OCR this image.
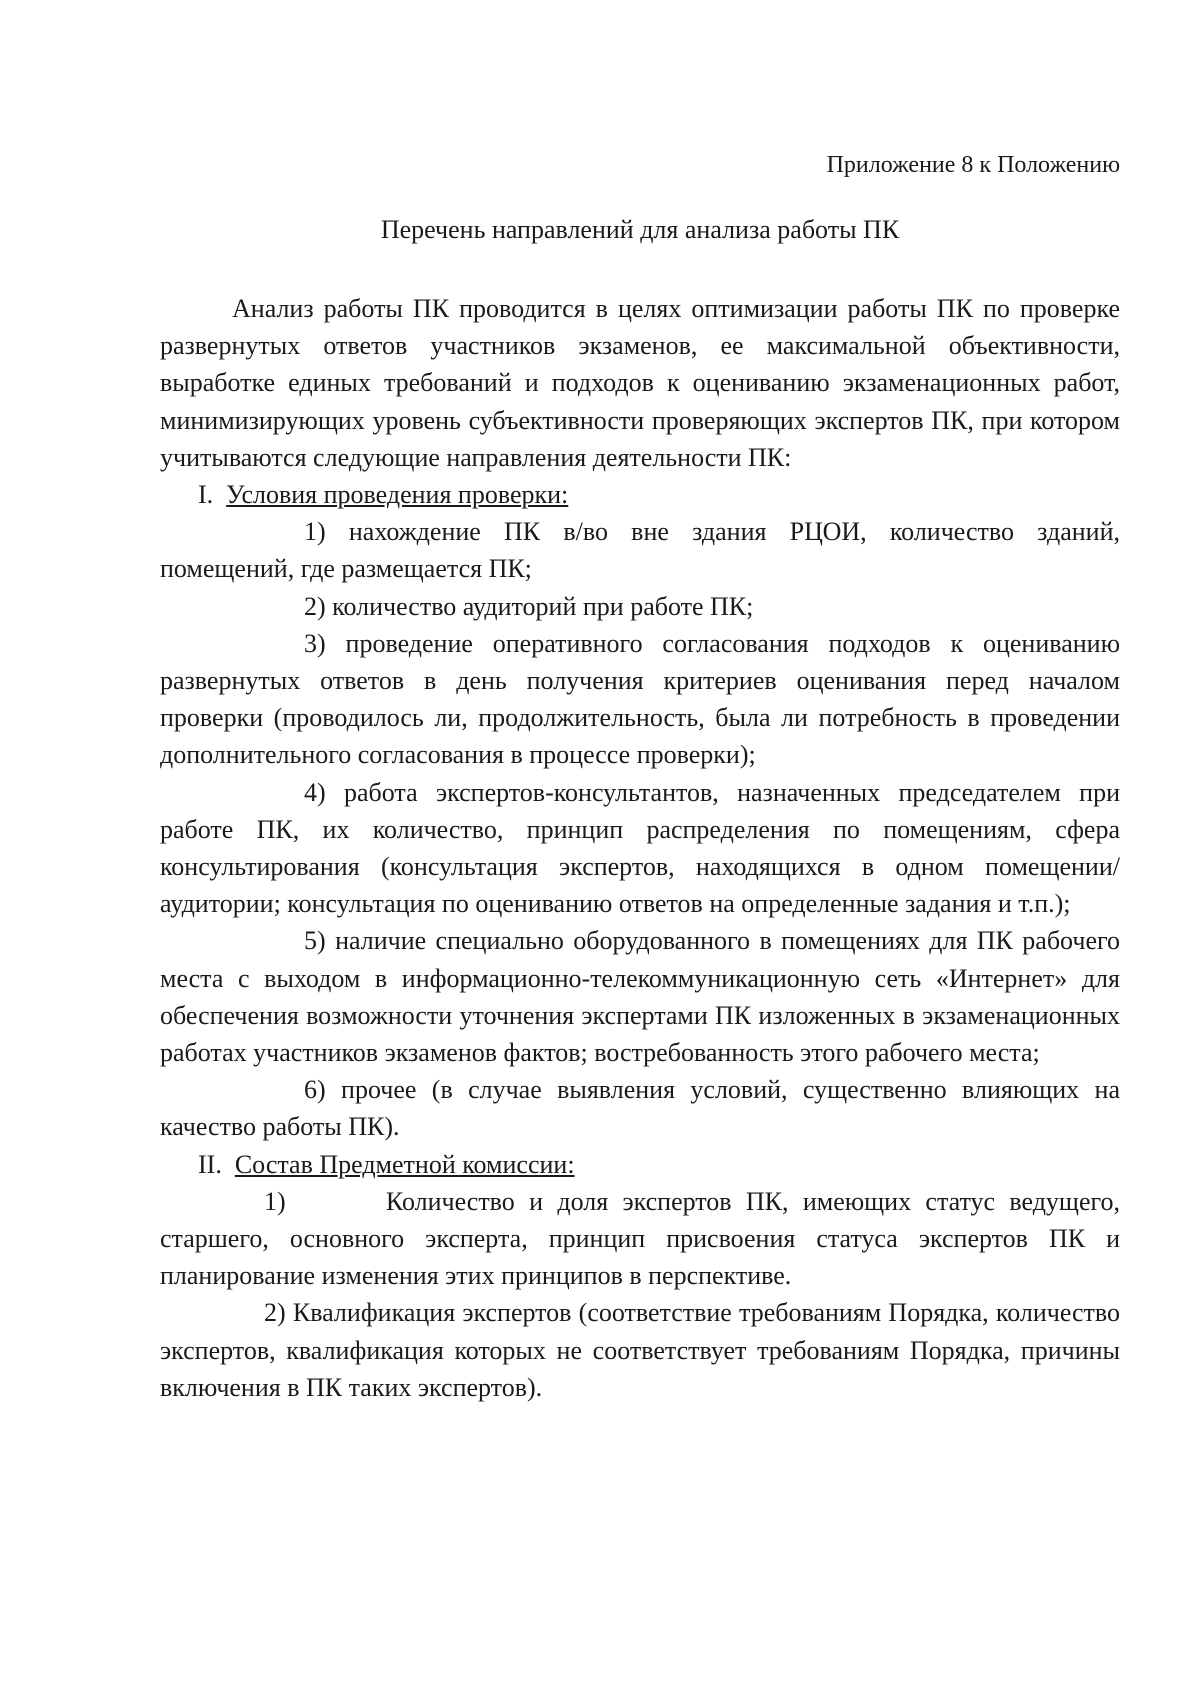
Приложение 8 к Положению
Перечень направлений для анализа работы ПК

Анализ работы ПК проводится в целях оптимизации работы ПК по проверке развернутых ответов участников экзаменов, ее максимальной объективности, выработке единых требований и подходов к оцениванию экзаменационных работ, минимизирующих уровень субъективности проверяющих экспертов ПК, при котором учитываются следующие направления деятельности ПК:

I. Условия проведения проверки:

1) нахождение ПК в/во вне здания РЦОИ, количество зданий, помещений, где размещается ПК;

2) количество аудиторий при работе ПК;

3) проведение оперативного согласования подходов к оцениванию развернутых ответов в день получения критериев оценивания перед началом проверки (проводилось ли, продолжительность, была ли потребность в проведении дополнительного согласования в процессе проверки);

4) работа экспертов-консультантов, назначенных председателем при работе ПК, их количество, принцип распределения по помещениям, сфера консультирования (консультация экспертов, находящихся в одном помещении/аудитории; консультация по оцениванию ответов на определенные задания и т.п.);

5) наличие специально оборудованного в помещениях для ПК рабочего места с выходом в информационно-телекоммуникационную сеть «Интернет» для обеспечения возможности уточнения экспертами ПК изложенных в экзаменационных работах участников экзаменов фактов; востребованность этого рабочего места;

6) прочее (в случае выявления условий, существенно влияющих на качество работы ПК).

II. Состав Предметной комиссии:

1)	Количество и доля экспертов ПК, имеющих статус ведущего, старшего, основного эксперта, принцип присвоения статуса экспертов ПК и планирование изменения этих принципов в перспективе.

2) Квалификация экспертов (соответствие требованиям Порядка, количество экспертов, квалификация которых не соответствует требованиям Порядка, причины включения в ПК таких экспертов).
